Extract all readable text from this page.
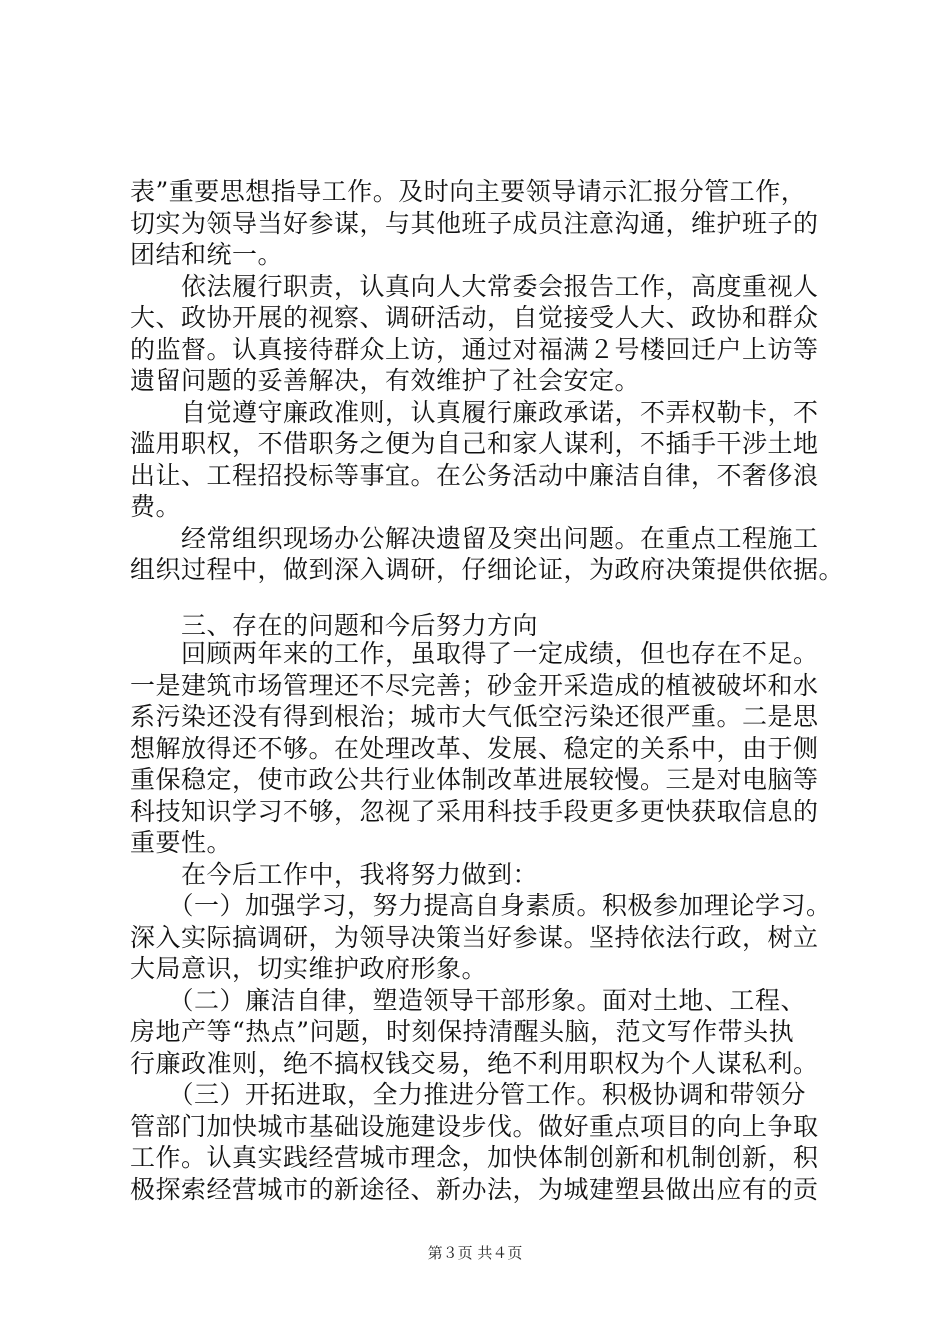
表”重要思想指导工作。及时向主要领导请示汇报分管工作，
切实为领导当好参谋，与其他班子成员注意沟通，维护班子的
团结和统一。
　　依法履行职责，认真向人大常委会报告工作，高度重视人
大、政协开展的视察、调研活动，自觉接受人大、政协和群众
的监督。认真接待群众上访，通过对福满２号楼回迁户上访等
遗留问题的妥善解决，有效维护了社会安定。
　　自觉遵守廉政准则，认真履行廉政承诺，不弄权勒卡，不
滥用职权，不借职务之便为自己和家人谋利，不插手干涉土地
出让、工程招投标等事宜。在公务活动中廉洁自律，不奢侈浪
费。
　　经常组织现场办公解决遗留及突出问题。在重点工程施工
组织过程中，做到深入调研，仔细论证，为政府决策提供依据。
　　三、存在的问题和今后努力方向
　　回顾两年来的工作，虽取得了一定成绩，但也存在不足。
一是建筑市场管理还不尽完善；砂金开采造成的植被破坏和水
系污染还没有得到根治；城市大气低空污染还很严重。二是思
想解放得还不够。在处理改革、发展、稳定的关系中，由于侧
重保稳定，使市政公共行业体制改革进展较慢。三是对电脑等
科技知识学习不够，忽视了采用科技手段更多更快获取信息的
重要性。
　　在今后工作中，我将努力做到：
　　（一）加强学习，努力提高自身素质。积极参加理论学习。
深入实际搞调研，为领导决策当好参谋。坚持依法行政，树立
大局意识，切实维护政府形象。
　　（二）廉洁自律，塑造领导干部形象。面对土地、工程、
房地产等“热点”问题，时刻保持清醒头脑，范文写作带头执
行廉政准则，绝不搞权钱交易，绝不利用职权为个人谋私利。
　　（三）开拓进取，全力推进分管工作。积极协调和带领分
管部门加快城市基础设施建设步伐。做好重点项目的向上争取
工作。认真实践经营城市理念，加快体制创新和机制创新，积
极探索经营城市的新途径、新办法，为城建塑县做出应有的贡
第３页 共４页
